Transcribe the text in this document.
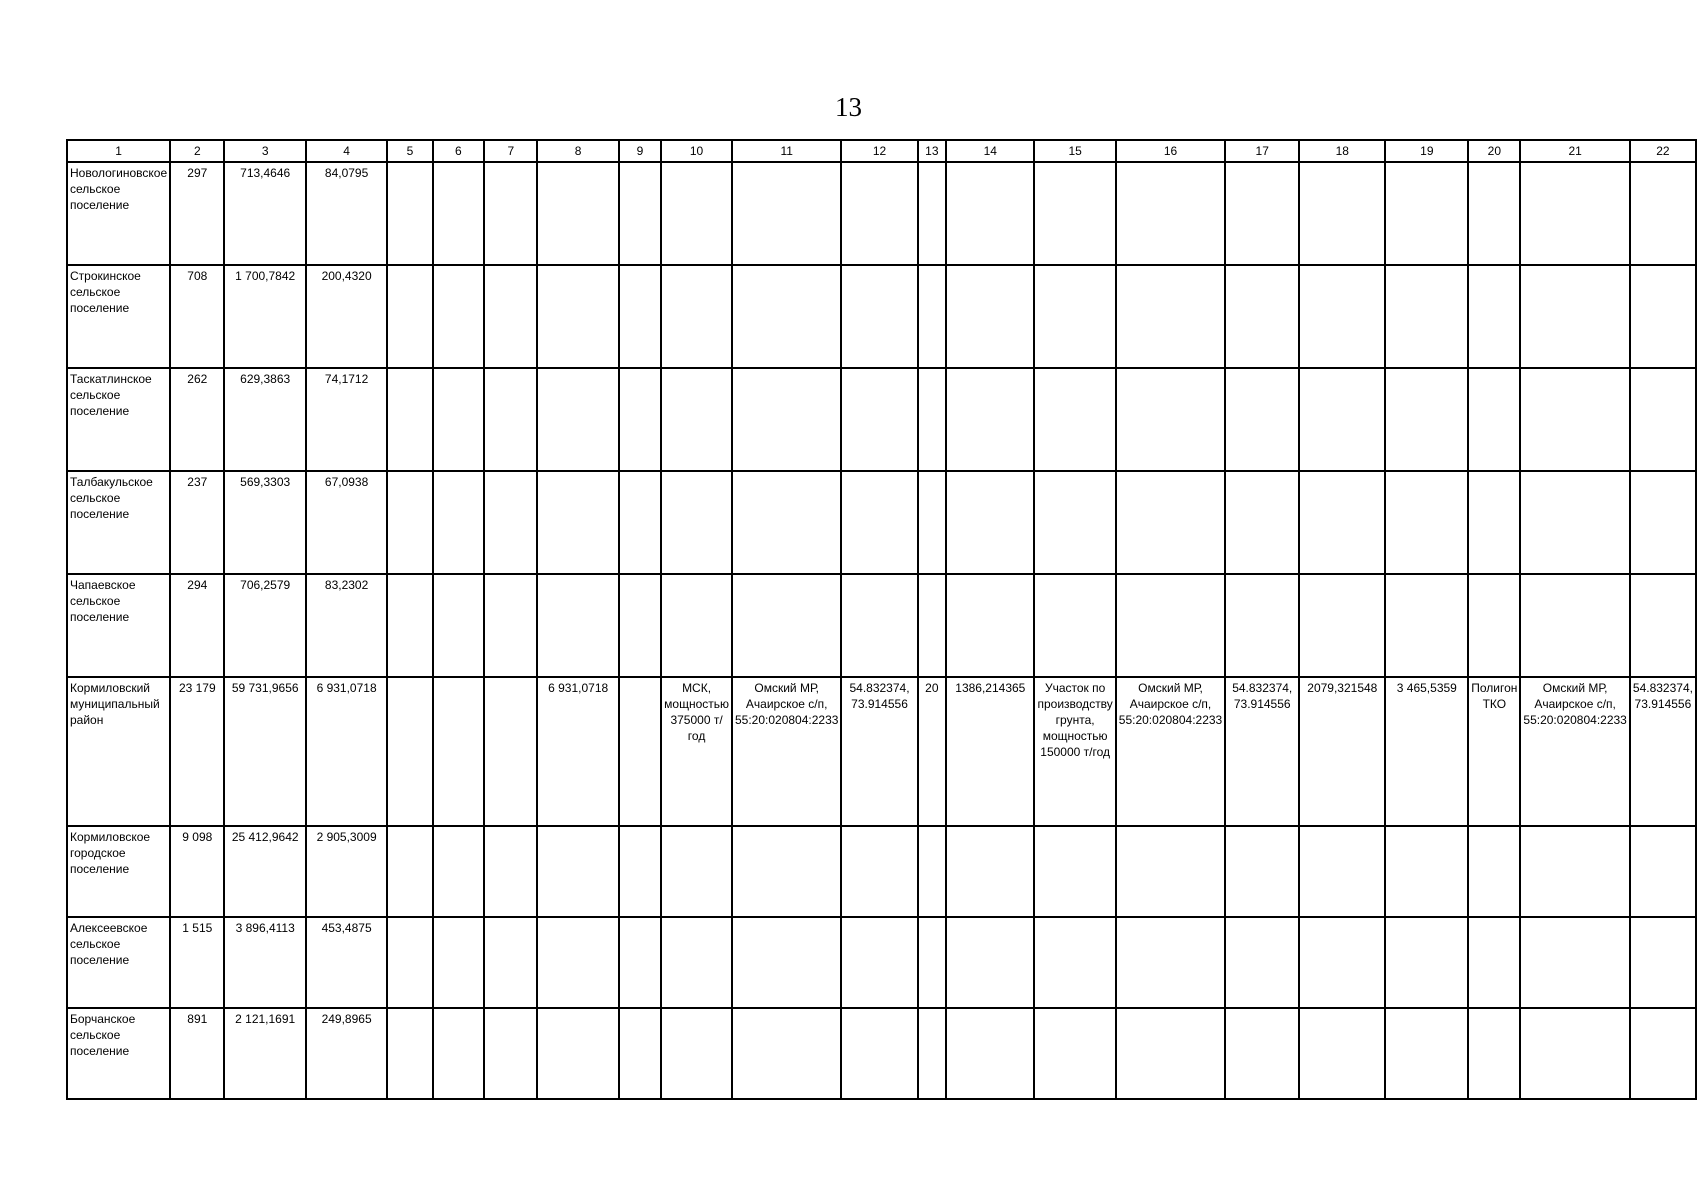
13
1	2	3	4	5	6	7	8	9	10	11	12	13	14	15	16	17	18	19	20	21	22
Новологиновское сельское поселение	297	713,4646	84,0795																		
Строкинское сельское поселение	708	1 700,7842	200,4320																		
Таскатлинское сельское поселение	262	629,3863	74,1712																		
Талбакульское сельское поселение	237	569,3303	67,0938																		
Чапаевское сельское поселение	294	706,2579	83,2302																		
Кормиловский муниципальный район	23 179	59 731,9656	6 931,0718				6 931,0718		МСК, мощностью 375000 т/год	Омский МР, Ачаирское с/п, 55:20:020804:2233	54.832374, 73.914556	20	1386,214365	Участок по производству грунта, мощностью 150000 т/год	Омский МР, Ачаирское с/п, 55:20:020804:2233	54.832374, 73.914556	2079,321548	3 465,5359	Полигон ТКО	Омский МР, Ачаирское с/п, 55:20:020804:2233	54.832374, 73.914556
Кормиловское городское поселение	9 098	25 412,9642	2 905,3009																		
Алексеевское сельское поселение	1 515	3 896,4113	453,4875																		
Борчанское сельское поселение	891	2 121,1691	249,8965																		
